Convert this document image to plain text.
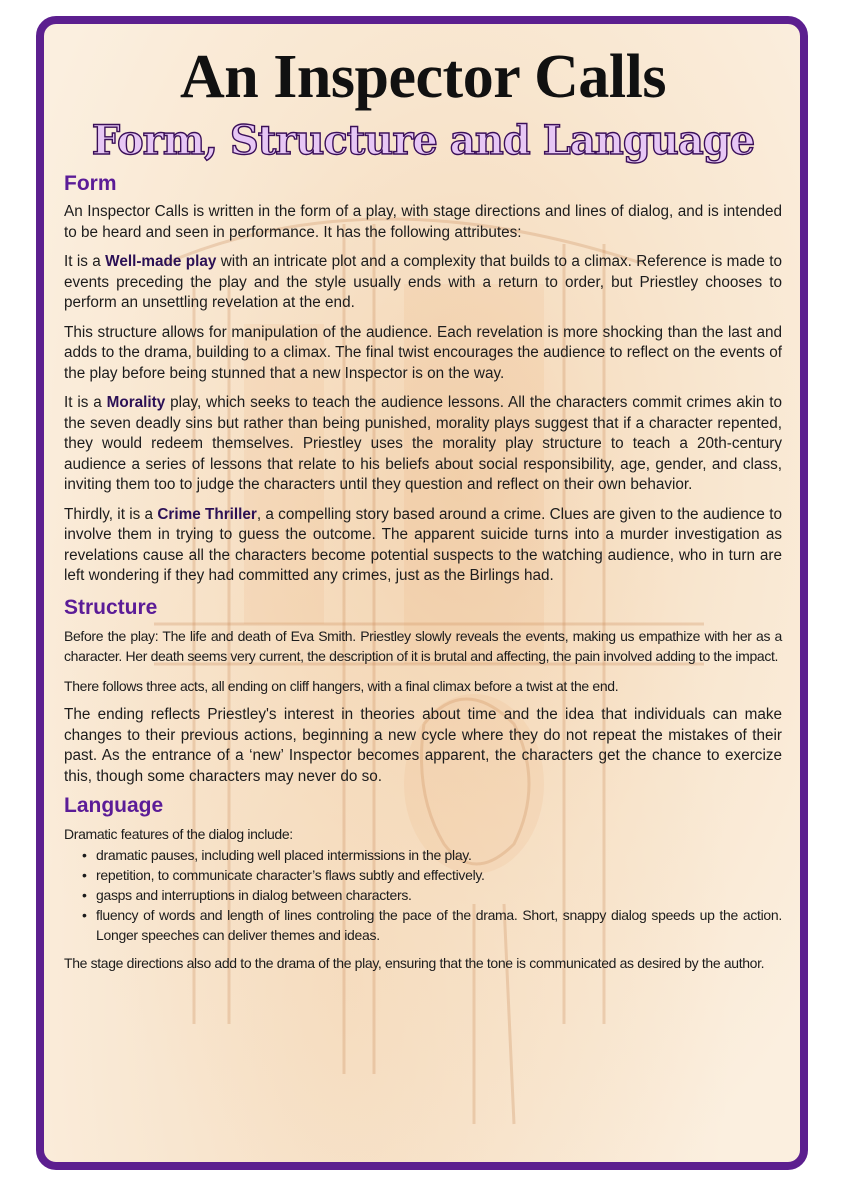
An Inspector Calls
Form, Structure and Language
Form

An Inspector Calls is written in the form of a play, with stage directions and lines of dialog, and is intended to be heard and seen in performance. It has the following attributes:

It is a Well-made play with an intricate plot and a complexity that builds to a climax. Reference is made to events preceding the play and the style usually ends with a return to order, but Priestley chooses to perform an unsettling revelation at the end.

This structure allows for manipulation of the audience. Each revelation is more shocking than the last and adds to the drama, building to a climax. The final twist encourages the audience to reflect on the events of the play before being stunned that a new Inspector is on the way.

It is a Morality play, which seeks to teach the audience lessons. All the characters commit crimes akin to the seven deadly sins but rather than being punished, morality plays suggest that if a character repented, they would redeem themselves. Priestley uses the morality play structure to teach a 20th-century audience a series of lessons that relate to his beliefs about social responsibility, age, gender, and class, inviting them too to judge the characters until they question and reflect on their own behavior.

Thirdly, it is a Crime Thriller, a compelling story based around a crime. Clues are given to the audience to involve them in trying to guess the outcome. The apparent suicide turns into a murder investigation as revelations cause all the characters become potential suspects to the watching audience, who in turn are left wondering if they had committed any crimes, just as the Birlings had.

Structure

Before the play: The life and death of Eva Smith. Priestley slowly reveals the events, making us empathize with her as a character. Her death seems very current, the description of it is brutal and affecting, the pain involved adding to the impact.

There follows three acts, all ending on cliff hangers, with a final climax before a twist at the end.

The ending reflects Priestley's interest in theories about time and the idea that individuals can make changes to their previous actions, beginning a new cycle where they do not repeat the mistakes of their past. As the entrance of a ‘new’ Inspector becomes apparent, the characters get the chance to exercize this, though some characters may never do so.

Language

Dramatic features of the dialog include:

• dramatic pauses, including well placed intermissions in the play.
• repetition, to communicate character’s flaws subtly and effectively.
• gasps and interruptions in dialog between characters.
• fluency of words and length of lines controling the pace of the drama. Short, snappy dialog speeds up the action. Longer speeches can deliver themes and ideas.

The stage directions also add to the drama of the play, ensuring that the tone is communicated as desired by the author.
